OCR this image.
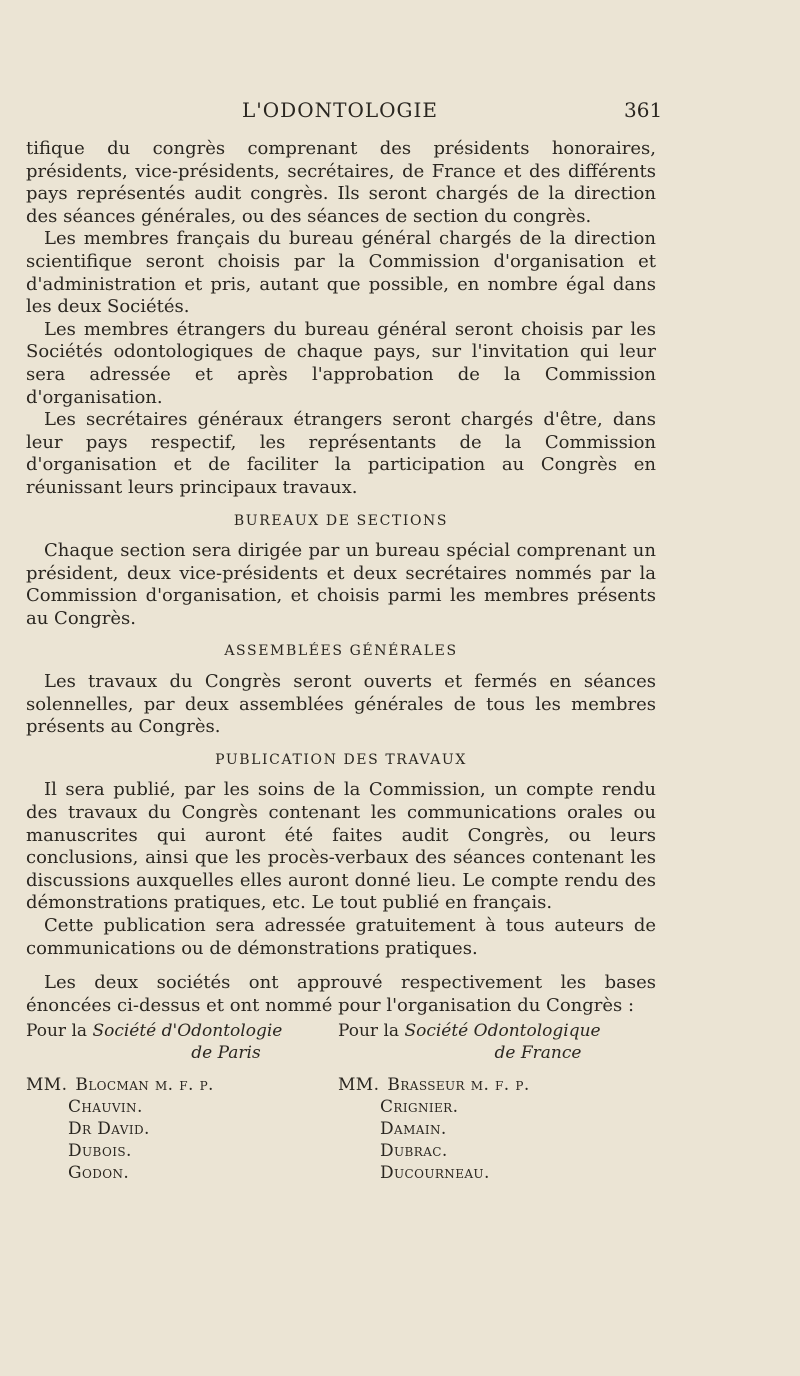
L'ODONTOLOGIE	361

tifique du congrès comprenant des présidents honoraires, présidents, vice-présidents, secrétaires, de France et des différents pays représentés audit congrès. Ils seront chargés de la direction des séances générales, ou des séances de section du congrès.

Les membres français du bureau général chargés de la direction scientifique seront choisis par la Commission d'organisation et d'administration et pris, autant que possible, en nombre égal dans les deux Sociétés.

Les membres étrangers du bureau général seront choisis par les Sociétés odontologiques de chaque pays, sur l'invitation qui leur sera adressée et après l'approbation de la Commission d'organisation.

Les secrétaires généraux étrangers seront chargés d'être, dans leur pays respectif, les représentants de la Commission d'organisation et de faciliter la participation au Congrès en réunissant leurs principaux travaux.

BUREAUX DE SECTIONS

Chaque section sera dirigée par un bureau spécial comprenant un président, deux vice-présidents et deux secrétaires nommés par la Commission d'organisation, et choisis parmi les membres présents au Congrès.

ASSEMBLÉES GÉNÉRALES

Les travaux du Congrès seront ouverts et fermés en séances solennelles, par deux assemblées générales de tous les membres présents au Congrès.

PUBLICATION DES TRAVAUX

Il sera publié, par les soins de la Commission, un compte rendu des travaux du Congrès contenant les communications orales ou manuscrites qui auront été faites audit Congrès, ou leurs conclusions, ainsi que les procès-verbaux des séances contenant les discussions auxquelles elles auront donné lieu. Le compte rendu des démonstrations pratiques, etc. Le tout publié en français.

Cette publication sera adressée gratuitement à tous auteurs de communications ou de démonstrations pratiques.

Les deux sociétés ont approuvé respectivement les bases énoncées ci-dessus et ont nommé pour l'organisation du Congrès :

Pour la Société d'Odontologie
de Paris
MM. Blocman m. f. p.
Chauvin.
Dr David.
Dubois.
Godon.
Pour la Société Odontologique
de France
MM. Brasseur m. f. p.
Crignier.
Damain.
Dubrac.
Ducourneau.
